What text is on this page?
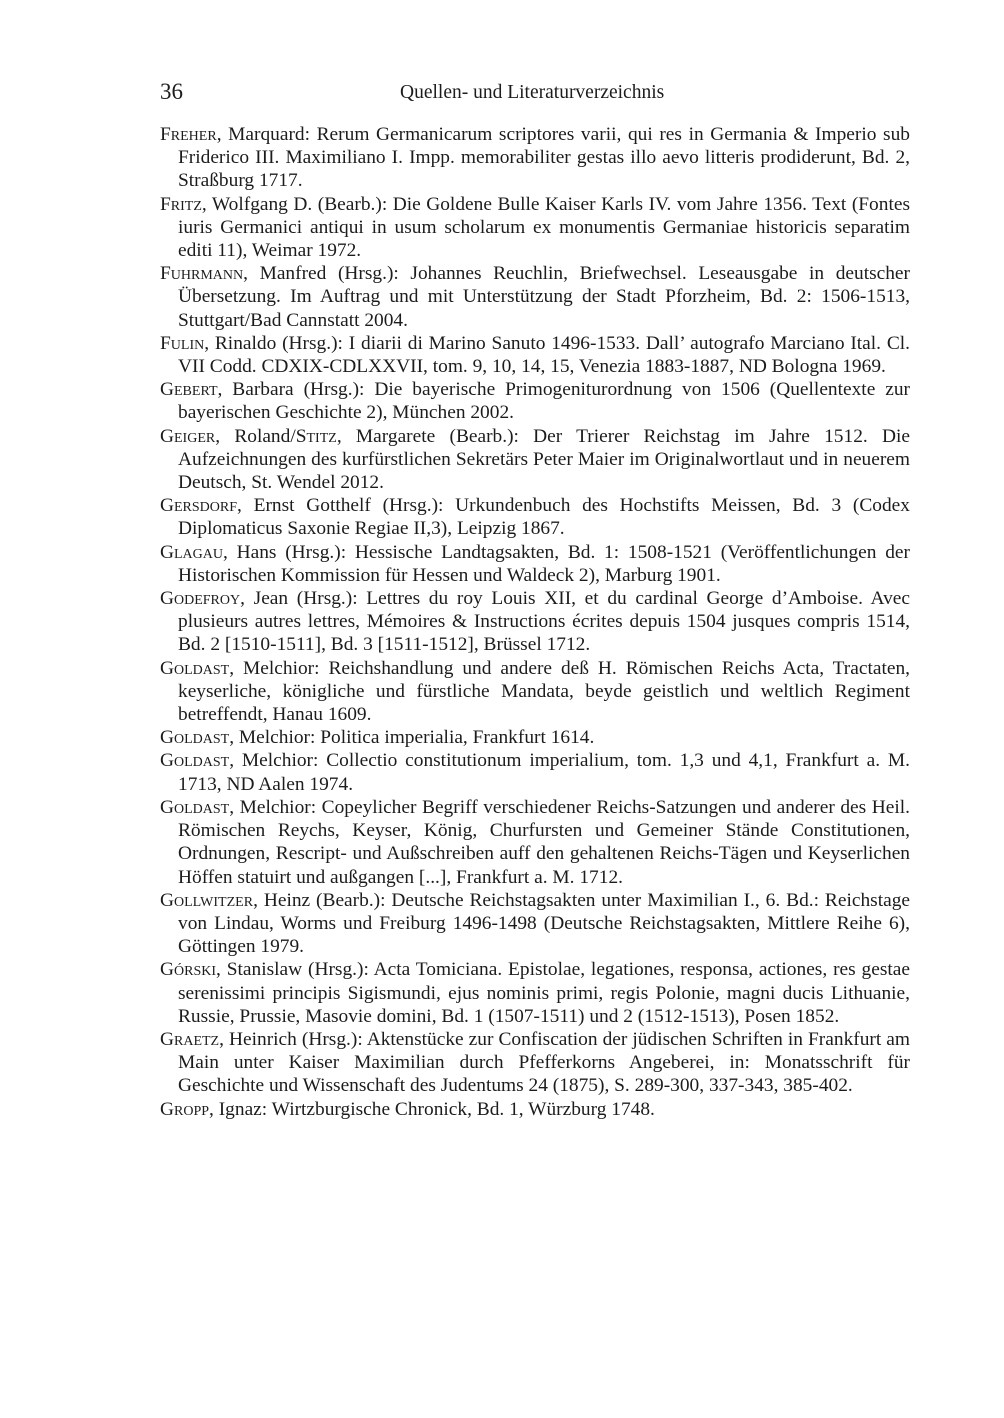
36	Quellen- und Literaturverzeichnis

Freher, Marquard: Rerum Germanicarum scriptores varii, qui res in Germania & Imperio sub Friderico III. Maximiliano I. Impp. memorabiliter gestas illo aevo litteris prodiderunt, Bd. 2, Straßburg 1717.

Fritz, Wolfgang D. (Bearb.): Die Goldene Bulle Kaiser Karls IV. vom Jahre 1356. Text (Fontes iuris Germanici antiqui in usum scholarum ex monumentis Germaniae historicis separatim editi 11), Weimar 1972.

Fuhrmann, Manfred (Hrsg.): Johannes Reuchlin, Briefwechsel. Leseausgabe in deutscher Übersetzung. Im Auftrag und mit Unterstützung der Stadt Pforzheim, Bd. 2: 1506-1513, Stuttgart/Bad Cannstatt 2004.

Fulin, Rinaldo (Hrsg.): I diarii di Marino Sanuto 1496-1533. Dall’ autografo Marciano Ital. Cl. VII Codd. CDXIX-CDLXXVII, tom. 9, 10, 14, 15, Venezia 1883-1887, ND Bologna 1969.

Gebert, Barbara (Hrsg.): Die bayerische Primogeniturordnung von 1506 (Quellentexte zur bayerischen Geschichte 2), München 2002.

Geiger, Roland/Stitz, Margarete (Bearb.): Der Trierer Reichstag im Jahre 1512. Die Aufzeichnungen des kurfürstlichen Sekretärs Peter Maier im Originalwortlaut und in neuerem Deutsch, St. Wendel 2012.

Gersdorf, Ernst Gotthelf (Hrsg.): Urkundenbuch des Hochstifts Meissen, Bd. 3 (Codex Diplomaticus Saxonie Regiae II,3), Leipzig 1867.

Glagau, Hans (Hrsg.): Hessische Landtagsakten, Bd. 1: 1508-1521 (Veröffentlichungen der Historischen Kommission für Hessen und Waldeck 2), Marburg 1901.

Godefroy, Jean (Hrsg.): Lettres du roy Louis XII, et du cardinal George d’Amboise. Avec plusieurs autres lettres, Mémoires & Instructions écrites depuis 1504 jusques compris 1514, Bd. 2 [1510-1511], Bd. 3 [1511-1512], Brüssel 1712.

Goldast, Melchior: Reichshandlung und andere deß H. Römischen Reichs Acta, Tractaten, keyserliche, königliche und fürstliche Mandata, beyde geistlich und weltlich Regiment betreffendt, Hanau 1609.

Goldast, Melchior: Politica imperialia, Frankfurt 1614.

Goldast, Melchior: Collectio constitutionum imperialium, tom. 1,3 und 4,1, Frankfurt a. M. 1713, ND Aalen 1974.

Goldast, Melchior: Copeylicher Begriff verschiedener Reichs-Satzungen und anderer des Heil. Römischen Reychs, Keyser, König, Churfursten und Gemeiner Stände Constitutionen, Ordnungen, Rescript- und Außschreiben auff den gehaltenen Reichs-Tägen und Keyserlichen Höffen statuirt und außgangen [...], Frankfurt a. M. 1712.

Gollwitzer, Heinz (Bearb.): Deutsche Reichstagsakten unter Maximilian I., 6. Bd.: Reichstage von Lindau, Worms und Freiburg 1496-1498 (Deutsche Reichstagsakten, Mittlere Reihe 6), Göttingen 1979.

Górski, Stanislaw (Hrsg.): Acta Tomiciana. Epistolae, legationes, responsa, actiones, res gestae serenissimi principis Sigismundi, ejus nominis primi, regis Polonie, magni ducis Lithuanie, Russie, Prussie, Masovie domini, Bd. 1 (1507-1511) und 2 (1512-1513), Posen 1852.

Graetz, Heinrich (Hrsg.): Aktenstücke zur Confiscation der jüdischen Schriften in Frankfurt am Main unter Kaiser Maximilian durch Pfefferkorns Angeberei, in: Monatsschrift für Geschichte und Wissenschaft des Judentums 24 (1875), S. 289-300, 337-343, 385-402.

Gropp, Ignaz: Wirtzburgische Chronick, Bd. 1, Würzburg 1748.
